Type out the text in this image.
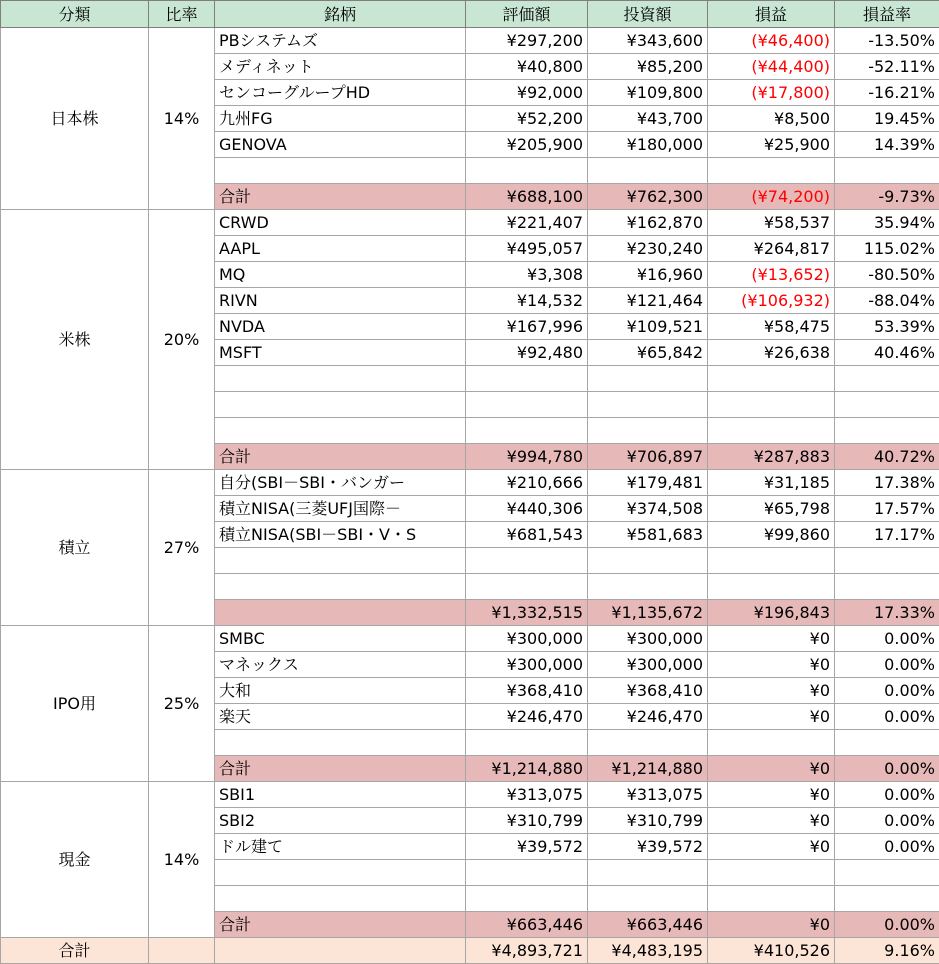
分類	比率	銘柄	評価額	投資額	損益	損益率
日本株	14%	PBシステムズ	¥297,200	¥343,600	(¥46,400)	-13.50%
		メディネット	¥40,800	¥85,200	(¥44,400)	-52.11%
		センコーグループHD	¥92,000	¥109,800	(¥17,800)	-16.21%
		九州FG	¥52,200	¥43,700	¥8,500	19.45%
		GENOVA	¥205,900	¥180,000	¥25,900	14.39%

		合計	¥688,100	¥762,300	(¥74,200)	-9.73%
米株	20%	CRWD	¥221,407	¥162,870	¥58,537	35.94%
		AAPL	¥495,057	¥230,240	¥264,817	115.02%
		MQ	¥3,308	¥16,960	(¥13,652)	-80.50%
		RIVN	¥14,532	¥121,464	(¥106,932)	-88.04%
		NVDA	¥167,996	¥109,521	¥58,475	53.39%
		MSFT	¥92,480	¥65,842	¥26,638	40.46%

		合計	¥994,780	¥706,897	¥287,883	40.72%
積立	27%	自分(SBI－SBI・バンガー	¥210,666	¥179,481	¥31,185	17.38%
		積立NISA(三菱UFJ国際－	¥440,306	¥374,508	¥65,798	17.57%
		積立NISA(SBI－SBI・V・S	¥681,543	¥581,683	¥99,860	17.17%

			¥1,332,515	¥1,135,672	¥196,843	17.33%
IPO用	25%	SMBC	¥300,000	¥300,000	¥0	0.00%
		マネックス	¥300,000	¥300,000	¥0	0.00%
		大和	¥368,410	¥368,410	¥0	0.00%
		楽天	¥246,470	¥246,470	¥0	0.00%

		合計	¥1,214,880	¥1,214,880	¥0	0.00%
現金	14%	SBI1	¥313,075	¥313,075	¥0	0.00%
		SBI2	¥310,799	¥310,799	¥0	0.00%
		ドル建て	¥39,572	¥39,572	¥0	0.00%

		合計	¥663,446	¥663,446	¥0	0.00%
合計			¥4,893,721	¥4,483,195	¥410,526	9.16%
